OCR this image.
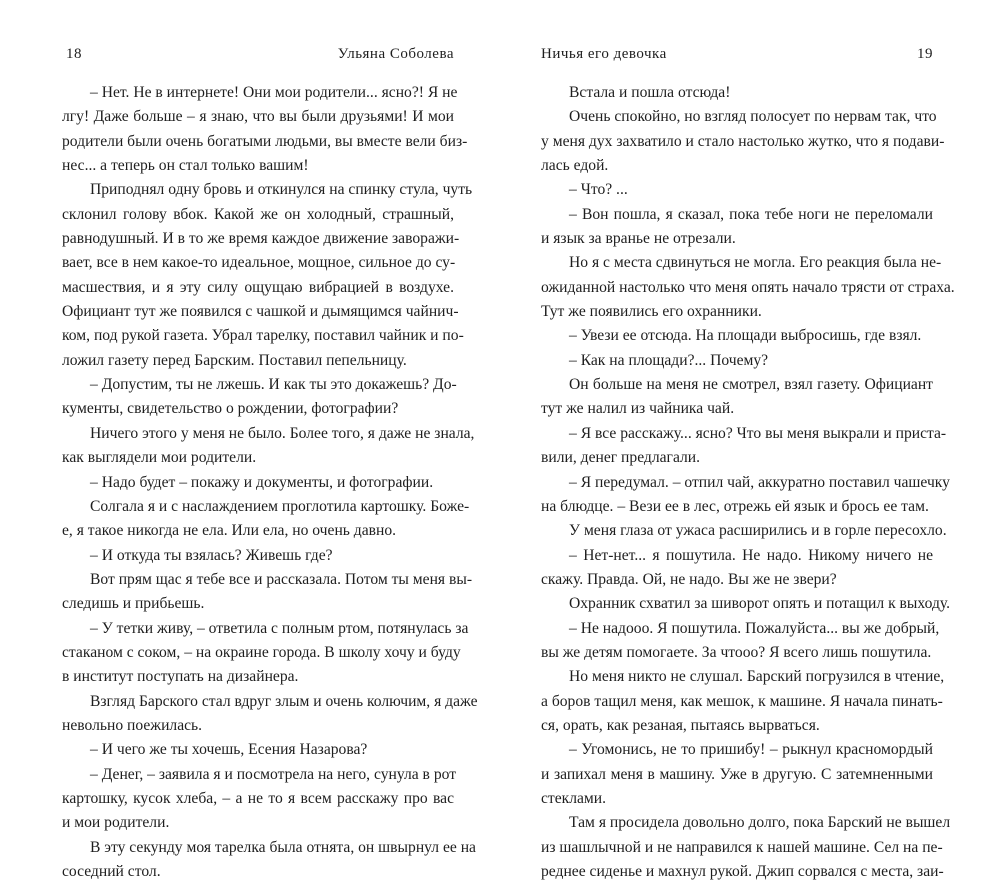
18	Ульяна Соболева
– Нет. Не в интернете! Они мои родители... ясно?! Я не
лгу! Даже больше – я знаю, что вы были друзьями! И мои
родители были очень богатыми людьми, вы вместе вели биз-
нес... а теперь он стал только вашим!
Приподнял одну бровь и откинулся на спинку стула, чуть
склонил голову вбок. Какой же он холодный, страшный,
равнодушный. И в то же время каждое движение заворажи-
вает, все в нем какое-то идеальное, мощное, сильное до су-
масшествия, и я эту силу ощущаю вибрацией в воздухе.
Официант тут же появился с чашкой и дымящимся чайнич-
ком, под рукой газета. Убрал тарелку, поставил чайник и по-
ложил газету перед Барским. Поставил пепельницу.
– Допустим, ты не лжешь. И как ты это докажешь? До-
кументы, свидетельство о рождении, фотографии?
Ничего этого у меня не было. Более того, я даже не знала,
как выглядели мои родители.
– Надо будет – покажу и документы, и фотографии.
Солгала я и с наслаждением проглотила картошку. Боже-
е, я такое никогда не ела. Или ела, но очень давно.
– И откуда ты взялась? Живешь где?
Вот прям щас я тебе все и рассказала. Потом ты меня вы-
следишь и прибьешь.
– У тетки живу, – ответила с полным ртом, потянулась за
стаканом с соком, – на окраине города. В школу хочу и буду
в институт поступать на дизайнера.
Взгляд Барского стал вдруг злым и очень колючим, я даже
невольно поежилась.
– И чего же ты хочешь, Есения Назарова?
– Денег, – заявила я и посмотрела на него, сунула в рот
картошку, кусок хлеба, – а не то я всем расскажу про вас
и мои родители.
В эту секунду моя тарелка была отнята, он швырнул ее на
соседний стол.
Ничья его девочка	19
Встала и пошла отсюда!
Очень спокойно, но взгляд полосует по нервам так, что
у меня дух захватило и стало настолько жутко, что я подави-
лась едой.
– Что? ...
– Вон пошла, я сказал, пока тебе ноги не переломали
и язык за вранье не отрезали.
Но я с места сдвинуться не могла. Его реакция была не-
ожиданной настолько что меня опять начало трясти от страха.
Тут же появились его охранники.
– Увези ее отсюда. На площади выбросишь, где взял.
– Как на площади?... Почему?
Он больше на меня не смотрел, взял газету. Официант
тут же налил из чайника чай.
– Я все расскажу... ясно? Что вы меня выкрали и приста-
вили, денег предлагали.
– Я передумал. – отпил чай, аккуратно поставил чашечку
на блюдце. – Вези ее в лес, отрежь ей язык и брось ее там.
У меня глаза от ужаса расширились и в горле пересохло.
– Нет-нет... я пошутила. Не надо. Никому ничего не
скажу. Правда. Ой, не надо. Вы же не звери?
Охранник схватил за шиворот опять и потащил к выходу.
– Не надооо. Я пошутила. Пожалуйста... вы же добрый,
вы же детям помогаете. За чтооо? Я всего лишь пошутила.
Но меня никто не слушал. Барский погрузился в чтение,
а боров тащил меня, как мешок, к машине. Я начала пинать-
ся, орать, как резаная, пытаясь вырваться.
– Угомонись, не то пришибу! – рыкнул красномордый
и запихал меня в машину. Уже в другую. С затемненными
стеклами.
Там я просидела довольно долго, пока Барский не вышел
из шашлычной и не направился к нашей машине. Сел на пе-
реднее сиденье и махнул рукой. Джип сорвался с места, заи-
